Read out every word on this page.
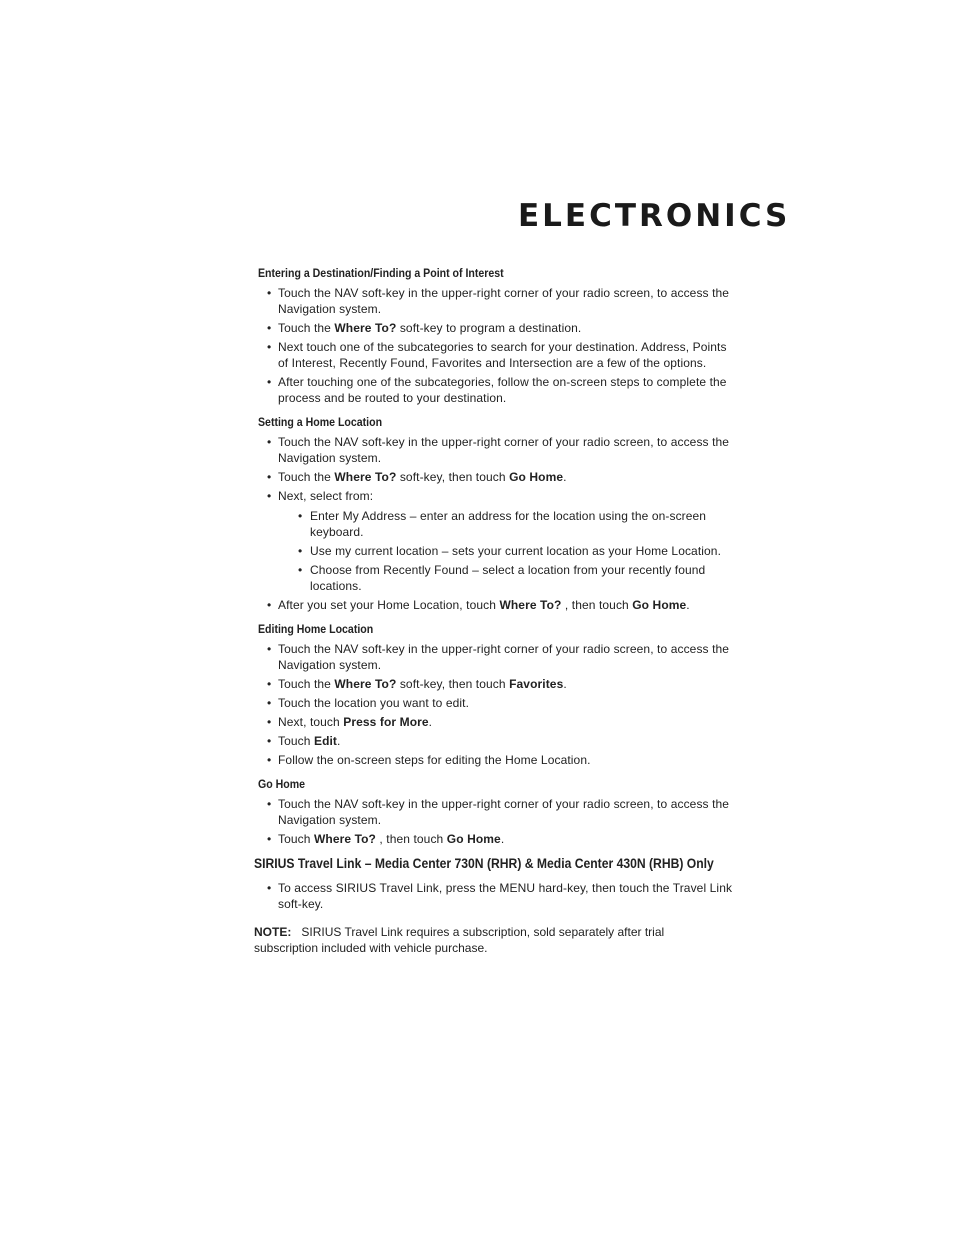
ELECTRONICS
Entering a Destination/Finding a Point of Interest
• Touch the NAV soft-key in the upper-right corner of your radio screen, to access the Navigation system.
• Touch the Where To? soft-key to program a destination.
• Next touch one of the subcategories to search for your destination. Address, Points of Interest, Recently Found, Favorites and Intersection are a few of the options.
• After touching one of the subcategories, follow the on-screen steps to complete the process and be routed to your destination.
Setting a Home Location
• Touch the NAV soft-key in the upper-right corner of your radio screen, to access the Navigation system.
• Touch the Where To? soft-key, then touch Go Home.
• Next, select from:
• Enter My Address – enter an address for the location using the on-screen keyboard.
• Use my current location – sets your current location as your Home Location.
• Choose from Recently Found – select a location from your recently found locations.
• After you set your Home Location, touch Where To? , then touch Go Home.
Editing Home Location
• Touch the NAV soft-key in the upper-right corner of your radio screen, to access the Navigation system.
• Touch the Where To? soft-key, then touch Favorites.
• Touch the location you want to edit.
• Next, touch Press for More.
• Touch Edit.
• Follow the on-screen steps for editing the Home Location.
Go Home
• Touch the NAV soft-key in the upper-right corner of your radio screen, to access the Navigation system.
• Touch Where To? , then touch Go Home.
SIRIUS Travel Link – Media Center 730N (RHR) & Media Center 430N (RHB) Only
• To access SIRIUS Travel Link, press the MENU hard-key, then touch the Travel Link soft-key.
NOTE: SIRIUS Travel Link requires a subscription, sold separately after trial subscription included with vehicle purchase.
